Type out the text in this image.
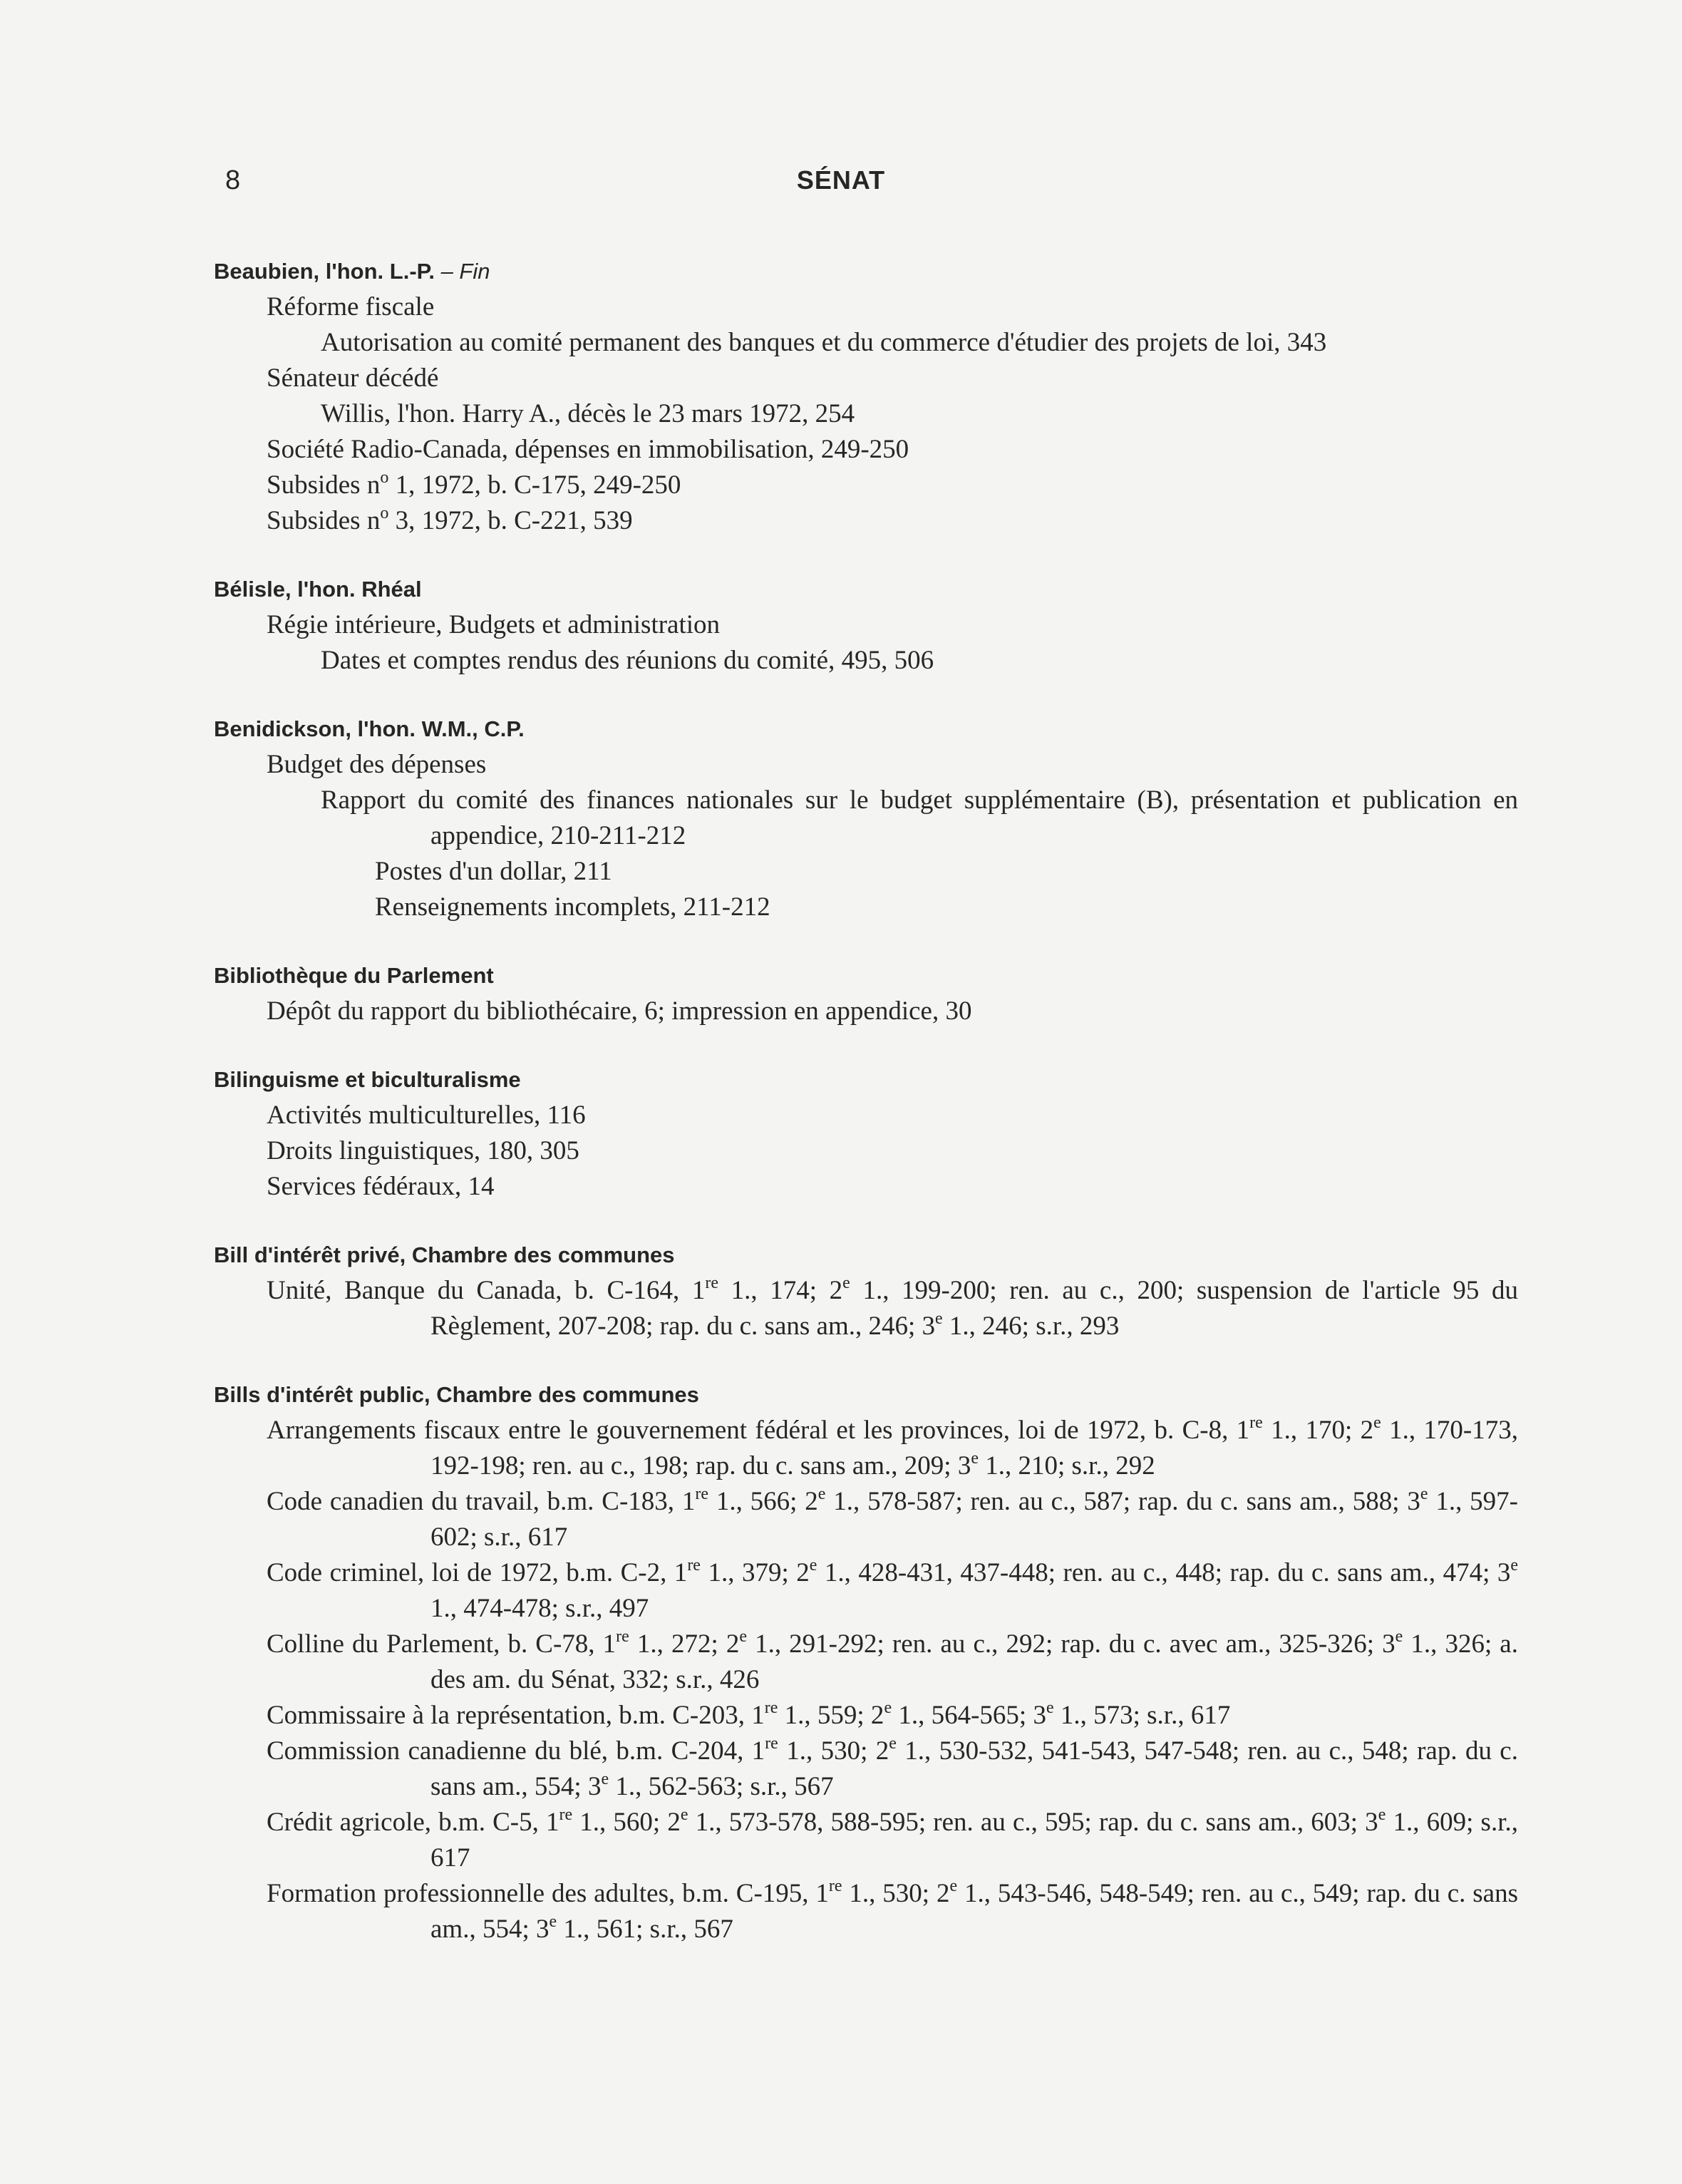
8	SÉNAT
Beaubien, l'hon. L.-P. – Fin
Réforme fiscale
Autorisation au comité permanent des banques et du commerce d'étudier des projets de loi, 343
Sénateur décédé
Willis, l'hon. Harry A., décès le 23 mars 1972, 254
Société Radio-Canada, dépenses en immobilisation, 249-250
Subsides $n^o$ 1, 1972, b. C-175, 249-250
Subsides $n^o$ 3, 1972, b. C-221, 539
Bélisle, l'hon. Rhéal
Régie intérieure, Budgets et administration
Dates et comptes rendus des réunions du comité, 495, 506
Benidickson, l'hon. W.M., C.P.
Budget des dépenses
Rapport du comité des finances nationales sur le budget supplémentaire (B), présentation et publication en appendice, 210-211-212
Postes d'un dollar, 211
Renseignements incomplets, 211-212
Bibliothèque du Parlement
Dépôt du rapport du bibliothécaire, 6; impression en appendice, 30
Bilinguisme et biculturalisme
Activités multiculturelles, 116
Droits linguistiques, 180, 305
Services fédéraux, 14
Bill d'intérêt privé, Chambre des communes
Unité, Banque du Canada, b. C-164, 1re 1., 174; 2e 1., 199-200; ren. au c., 200; suspension de l'article 95 du Règlement, 207-208; rap. du c. sans am., 246; 3e 1., 246; s.r., 293
Bills d'intérêt public, Chambre des communes
Arrangements fiscaux entre le gouvernement fédéral et les provinces, loi de 1972, b. C-8, 1re 1., 170; 2e 1., 170-173, 192-198; ren. au c., 198; rap. du c. sans am., 209; 3e 1., 210; s.r., 292
Code canadien du travail, b.m. C-183, 1re 1., 566; 2e 1., 578-587; ren. au c., 587; rap. du c. sans am., 588; 3e 1., 597-602; s.r., 617
Code criminel, loi de 1972, b.m. C-2, 1re 1., 379; 2e 1., 428-431, 437-448; ren. au c., 448; rap. du c. sans am., 474; 3e 1., 474-478; s.r., 497
Colline du Parlement, b. C-78, 1re 1., 272; 2e 1., 291-292; ren. au c., 292; rap. du c. avec am., 325-326; 3e 1., 326; a. des am. du Sénat, 332; s.r., 426
Commissaire à la représentation, b.m. C-203, 1re 1., 559; 2e 1., 564-565; 3e 1., 573; s.r., 617
Commission canadienne du blé, b.m. C-204, 1re 1., 530; 2e 1., 530-532, 541-543, 547-548; ren. au c., 548; rap. du c. sans am., 554; 3e 1., 562-563; s.r., 567
Crédit agricole, b.m. C-5, 1re 1., 560; 2e 1., 573-578, 588-595; ren. au c., 595; rap. du c. sans am., 603; 3e 1., 609; s.r., 617
Formation professionnelle des adultes, b.m. C-195, 1re 1., 530; 2e 1., 543-546, 548-549; ren. au c., 549; rap. du c. sans am., 554; 3e 1., 561; s.r., 567
